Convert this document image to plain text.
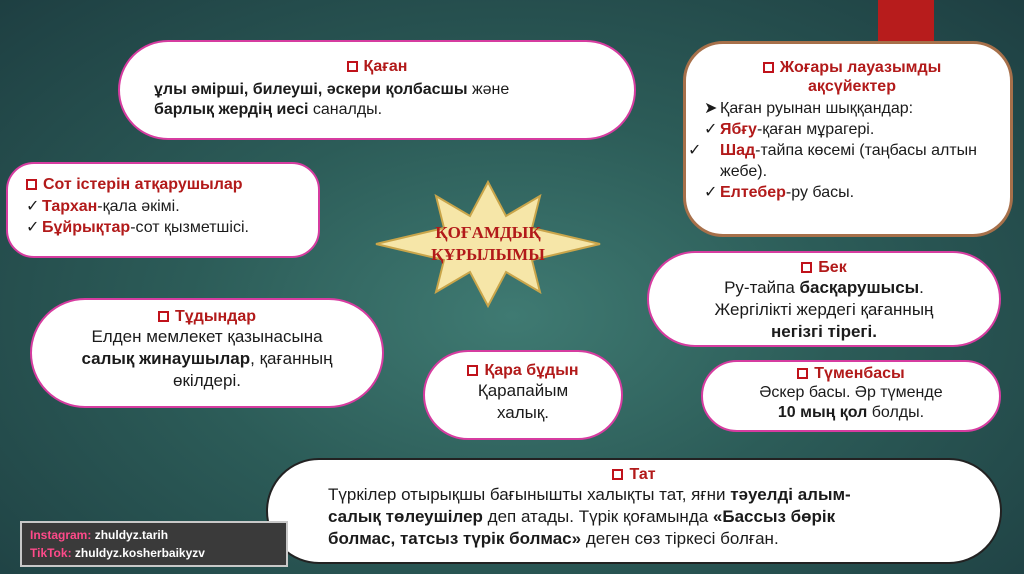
Қаған
ұлы әмірші, билеуші, әскери қолбасшы және
барлық жердің иесі саналды.
Жоғары лауазымды
ақсүйектер
➤ Қаған руынан шыққандар:
✓ Ябғу-қаған мұрагері.
✓ Шад-тайпа көсемі (таңбасы алтын жебе).
✓ Елтебер-ру басы.
Сот істерін атқарушылар
✓ Тархан-қала әкімі.
✓ Бұйрықтар-сот қызметшісі.	ҚОҒАМДЫҚ
ҚҰРЫЛЫМЫ
Бек
Ру-тайпа басқарушысы.
Жергілікті жердегі қағанның
негізгі тірегі.
Тұдындар
Елден мемлекет қазынасына
салық жинаушылар, қағанның
өкілдері.
Қара бұдын
Қарапайым
халық.
Түменбасы
Әскер басы. Әр түменде
10 мың қол болды.
Тат
Түркілер отырықшы бағынышты халықты тат, яғни тәуелді алым-
салық төлеушілер деп атады. Түрік қоғамында «Бассыз бөрік
болмас, татсыз түрік болмас» деген сөз тіркесі болған.
Instagram: zhuldyz.tarih
TikTok: zhuldyz.kosherbaikyzv
